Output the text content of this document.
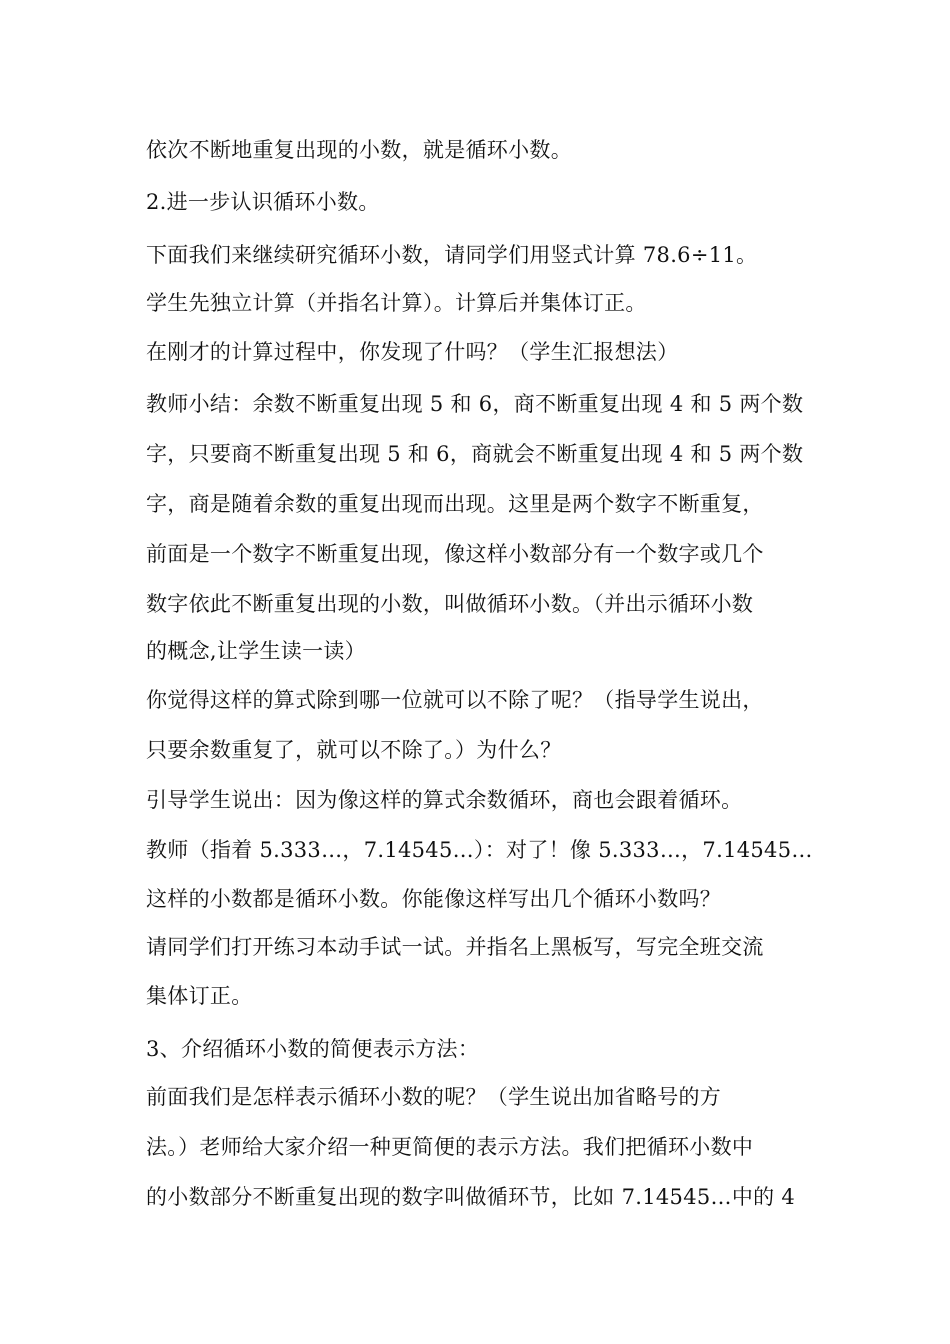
依次不断地重复出现的小数，就是循环小数。
2.进一步认识循环小数。
下面我们来继续研究循环小数，请同学们用竖式计算 78.6÷11。
学生先独立计算（并指名计算）。计算后并集体订正。
在刚才的计算过程中，你发现了什吗？（学生汇报想法）
教师小结：余数不断重复出现 5 和 6，商不断重复出现 4 和 5 两个数
字，只要商不断重复出现 5 和 6，商就会不断重复出现 4 和 5 两个数
字，商是随着余数的重复出现而出现。这里是两个数字不断重复，
前面是一个数字不断重复出现，像这样小数部分有一个数字或几个
数字依此不断重复出现的小数，叫做循环小数。（并出示循环小数
的概念,让学生读一读）
你觉得这样的算式除到哪一位就可以不除了呢？（指导学生说出，
只要余数重复了，就可以不除了。）为什么？
引导学生说出：因为像这样的算式余数循环，商也会跟着循环。
教师（指着 5.333…，7.14545…）：对了！像 5.333…，7.14545…
这样的小数都是循环小数。你能像这样写出几个循环小数吗？
请同学们打开练习本动手试一试。并指名上黑板写，写完全班交流
集体订正。
3、介绍循环小数的简便表示方法：
前面我们是怎样表示循环小数的呢？（学生说出加省略号的方
法。）老师给大家介绍一种更简便的表示方法。我们把循环小数中
的小数部分不断重复出现的数字叫做循环节，比如 7.14545…中的 4
